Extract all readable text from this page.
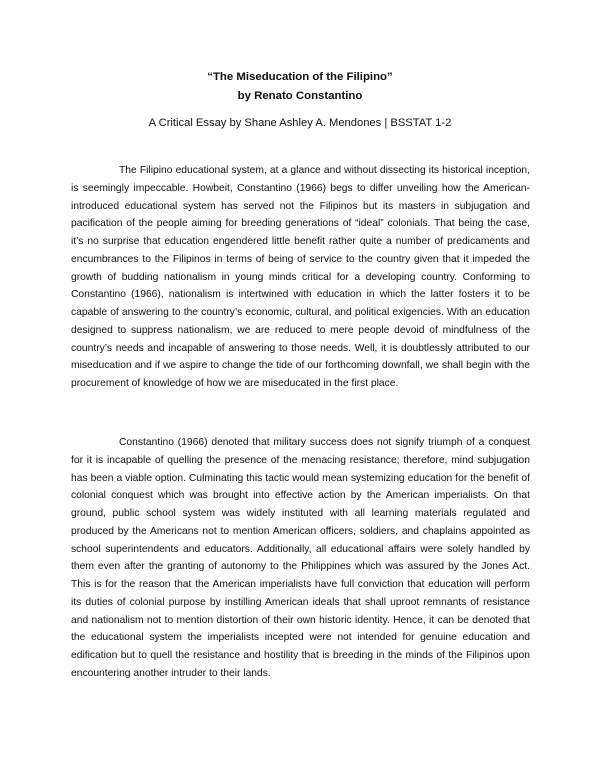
“The Miseducation of the Filipino”
by Renato Constantino
A Critical Essay by Shane Ashley A. Mendones | BSSTAT 1-2

The Filipino educational system, at a glance and without dissecting its historical inception, is seemingly impeccable. Howbeit, Constantino (1966) begs to differ unveiling how the American-introduced educational system has served not the Filipinos but its masters in subjugation and pacification of the people aiming for breeding generations of “ideal” colonials. That being the case, it’s no surprise that education engendered little benefit rather quite a number of predicaments and encumbrances to the Filipinos in terms of being of service to the country given that it impeded the growth of budding nationalism in young minds critical for a developing country. Conforming to Constantino (1966), nationalism is intertwined with education in which the latter fosters it to be capable of answering to the country’s economic, cultural, and political exigencies. With an education designed to suppress nationalism, we are reduced to mere people devoid of mindfulness of the country’s needs and incapable of answering to those needs. Well, it is doubtlessly attributed to our miseducation and if we aspire to change the tide of our forthcoming downfall, we shall begin with the procurement of knowledge of how we are miseducated in the first place.

Constantino (1966) denoted that military success does not signify triumph of a conquest for it is incapable of quelling the presence of the menacing resistance; therefore, mind subjugation has been a viable option. Culminating this tactic would mean systemizing education for the benefit of colonial conquest which was brought into effective action by the American imperialists. On that ground, public school system was widely instituted with all learning materials regulated and produced by the Americans not to mention American officers, soldiers, and chaplains appointed as school superintendents and educators. Additionally, all educational affairs were solely handled by them even after the granting of autonomy to the Philippines which was assured by the Jones Act. This is for the reason that the American imperialists have full conviction that education will perform its duties of colonial purpose by instilling American ideals that shall uproot remnants of resistance and nationalism not to mention distortion of their own historic identity. Hence, it can be denoted that the educational system the imperialists incepted were not intended for genuine education and edification but to quell the resistance and hostility that is breeding in the minds of the Filipinos upon encountering another intruder to their lands.
